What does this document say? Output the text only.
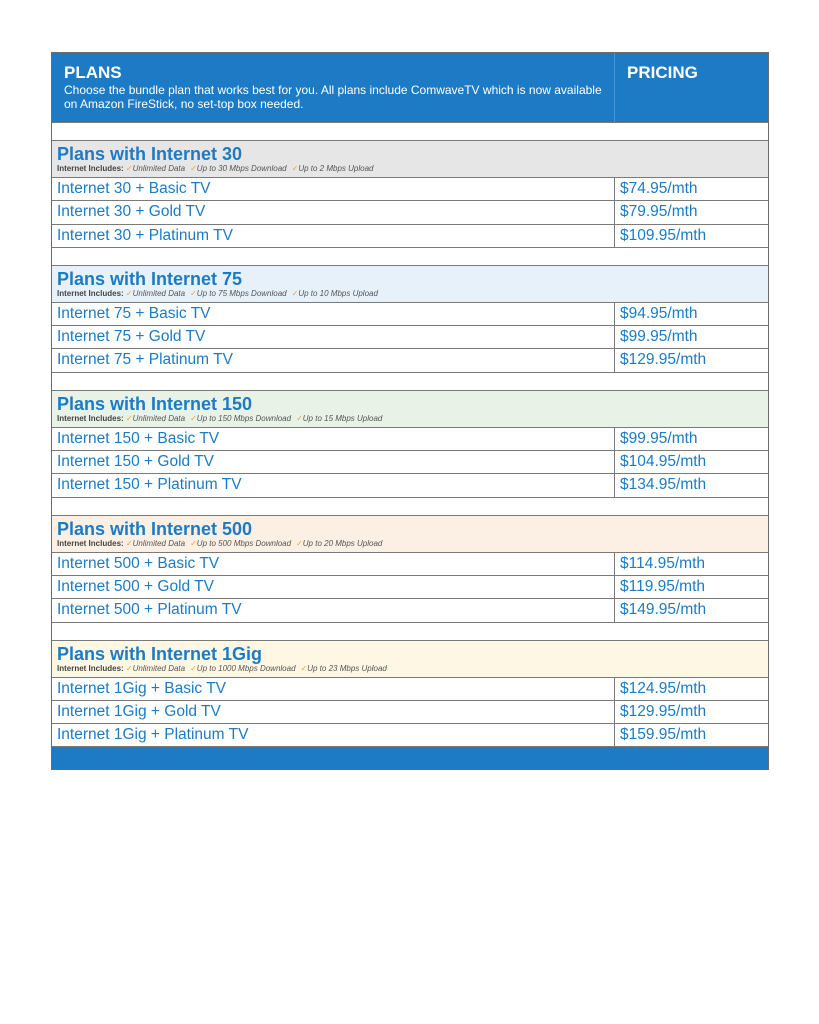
PLANS
Choose the bundle plan that works best for you. All plans include ComwaveTV which is now available on Amazon FireStick, no set-top box needed.
PRICING
Plans with Internet 30
Internet Includes: ✓Unlimited Data ✓Up to 30 Mbps Download ✓Up to 2 Mbps Upload
Internet 30 + Basic TV	$74.95/mth
Internet 30 + Gold TV	$79.95/mth
Internet 30 + Platinum TV	$109.95/mth
Plans with Internet 75
Internet Includes: ✓Unlimited Data ✓Up to 75 Mbps Download ✓Up to 10 Mbps Upload
Internet 75 + Basic TV	$94.95/mth
Internet 75 + Gold TV	$99.95/mth
Internet 75 + Platinum TV	$129.95/mth
Plans with Internet 150
Internet Includes: ✓Unlimited Data ✓Up to 150 Mbps Download ✓Up to 15 Mbps Upload
Internet 150 + Basic TV	$99.95/mth
Internet 150 + Gold TV	$104.95/mth
Internet 150 + Platinum TV	$134.95/mth
Plans with Internet 500
Internet Includes: ✓Unlimited Data ✓Up to 500 Mbps Download ✓Up to 20 Mbps Upload
Internet 500 + Basic TV	$114.95/mth
Internet 500 + Gold TV	$119.95/mth
Internet 500 + Platinum TV	$149.95/mth
Plans with Internet 1Gig
Internet Includes: ✓Unlimited Data ✓Up to 1000 Mbps Download ✓Up to 23 Mbps Upload
Internet 1Gig + Basic TV	$124.95/mth
Internet 1Gig + Gold TV	$129.95/mth
Internet 1Gig + Platinum TV	$159.95/mth
